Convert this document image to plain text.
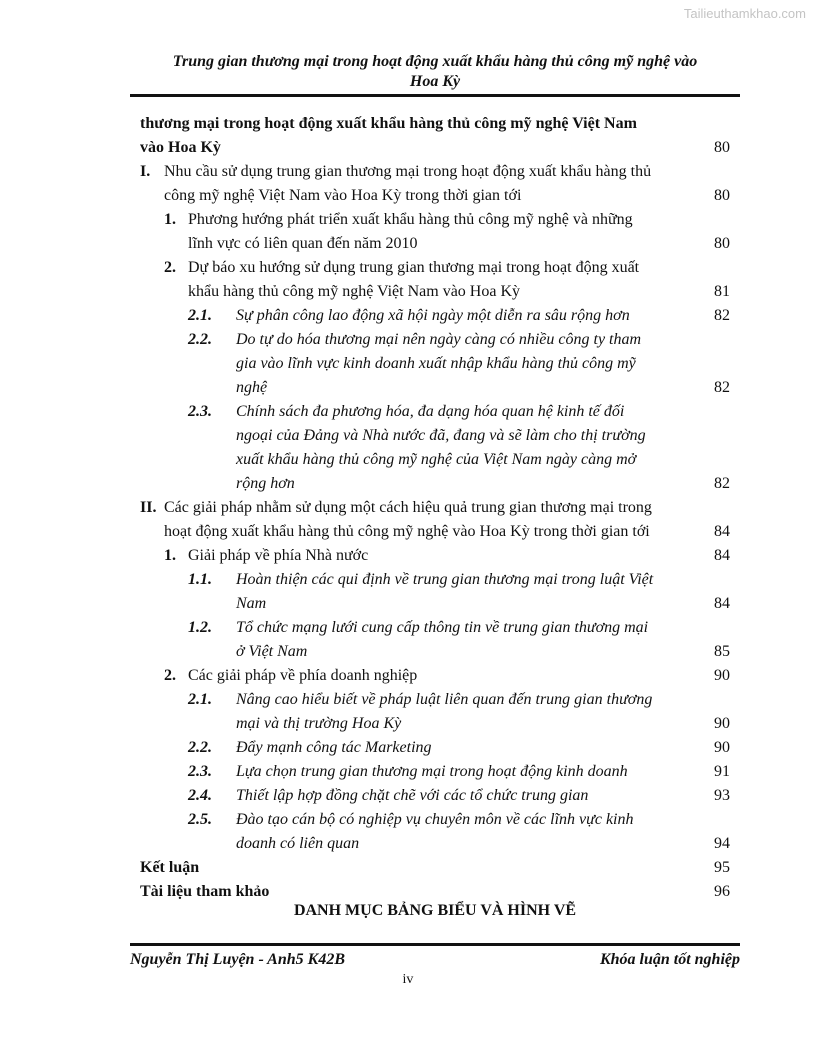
Tailieuthamkhao.com
Trung gian thương mại trong hoạt động xuất khẩu hàng thủ công mỹ nghệ vào
Hoa Kỳ
thương mại trong hoạt động xuất khẩu hàng thủ công mỹ nghệ Việt Nam
vào Hoa Kỳ	80
I. Nhu cầu sử dụng trung gian thương mại trong hoạt động xuất khẩu hàng thủ
công mỹ nghệ Việt Nam vào Hoa Kỳ trong thời gian tới	80
1. Phương hướng phát triển xuất khẩu hàng thủ công mỹ nghệ và những
lĩnh vực có liên quan đến năm 2010	80
2. Dự báo xu hướng sử dụng trung gian thương mại trong hoạt động xuất
khẩu hàng thủ công mỹ nghệ Việt Nam vào Hoa Kỳ	81
2.1. Sự phân công lao động xã hội ngày một diễn ra sâu rộng hơn	82
2.2. Do tự do hóa thương mại nên ngày càng có nhiều công ty tham
gia vào lĩnh vực kinh doanh xuất nhập khẩu hàng thủ công mỹ
nghệ	82
2.3. Chính sách đa phương hóa, đa dạng hóa quan hệ kinh tế đối
ngoại của Đảng và Nhà nước đã, đang và sẽ làm cho thị trường
xuất khẩu hàng thủ công mỹ nghệ của Việt Nam ngày càng mở
rộng hơn	82
II. Các giải pháp nhằm sử dụng một cách hiệu quả trung gian thương mại trong
hoạt động xuất khẩu hàng thủ công mỹ nghệ vào Hoa Kỳ trong thời gian tới	84
1. Giải pháp về phía Nhà nước	84
1.1. Hoàn thiện các qui định về trung gian thương mại trong luật Việt
Nam	84
1.2. Tổ chức mạng lưới cung cấp thông tin về trung gian thương mại
ở Việt Nam	85
2. Các giải pháp về phía doanh nghiệp	90
2.1. Nâng cao hiểu biết về pháp luật liên quan đến trung gian thương
mại và thị trường Hoa Kỳ	90
2.2. Đẩy mạnh công tác Marketing	90
2.3. Lựa chọn trung gian thương mại trong hoạt động kinh doanh	91
2.4. Thiết lập hợp đồng chặt chẽ với các tổ chức trung gian	93
2.5. Đào tạo cán bộ có nghiệp vụ chuyên môn về các lĩnh vực kinh
doanh có liên quan	94
Kết luận	95
Tài liệu tham khảo	96
DANH MỤC BẢNG BIỂU VÀ HÌNH VẼ
Nguyễn Thị Luyện - Anh5 K42B	Khóa luận tốt nghiệp
iv
